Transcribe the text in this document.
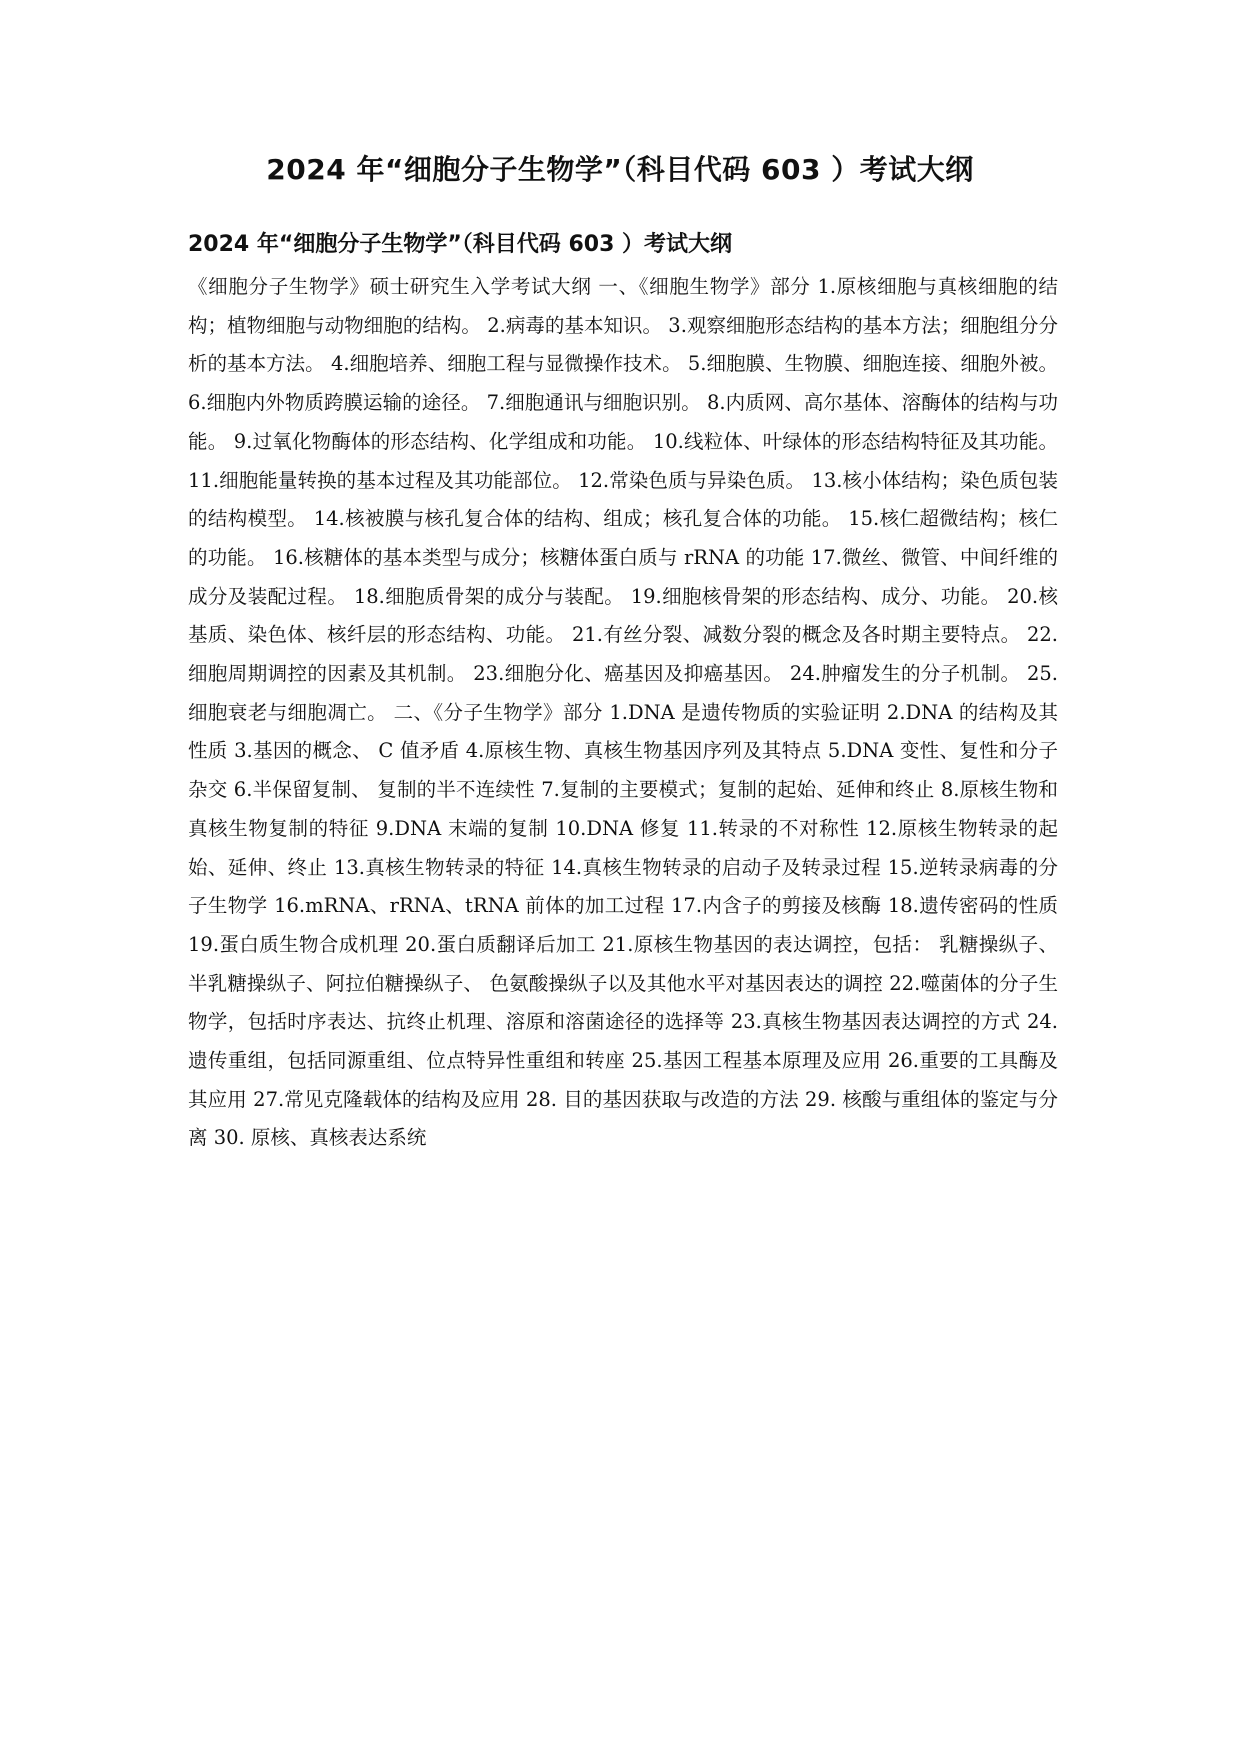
2024 年“细胞分子生物学”（科目代码 603 ）考试大纲
2024 年“细胞分子生物学”（科目代码 603 ）考试大纲

《细胞分子生物学》硕士研究生入学考试大纲 一、《细胞生物学》部分 1.原核细胞与真核细胞的结构；植物细胞与动物细胞的结构。 2.病毒的基本知识。 3.观察细胞形态结构的基本方法；细胞组分分析的基本方法。 4.细胞培养、细胞工程与显微操作技术。 5.细胞膜、生物膜、细胞连接、细胞外被。 6.细胞内外物质跨膜运输的途径。 7.细胞通讯与细胞识别。 8.内质网、高尔基体、溶酶体的结构与功能。 9.过氧化物酶体的形态结构、化学组成和功能。 10.线粒体、叶绿体的形态结构特征及其功能。 11.细胞能量转换的基本过程及其功能部位。 12.常染色质与异染色质。 13.核小体结构；染色质包装的结构模型。 14.核被膜与核孔复合体的结构、组成；核孔复合体的功能。 15.核仁超微结构；核仁的功能。 16.核糖体的基本类型与成分；核糖体蛋白质与 rRNA 的功能 17.微丝、微管、中间纤维的成分及装配过程。 18.细胞质骨架的成分与装配。 19.细胞核骨架的形态结构、成分、功能。 20.核基质、染色体、核纤层的形态结构、功能。 21.有丝分裂、减数分裂的概念及各时期主要特点。 22.细胞周期调控的因素及其机制。 23.细胞分化、癌基因及抑癌基因。 24.肿瘤发生的分子机制。 25.细胞衰老与细胞凋亡。 二、《分子生物学》部分 1.DNA 是遗传物质的实验证明 2.DNA 的结构及其性质 3.基因的概念、 C 值矛盾 4.原核生物、真核生物基因序列及其特点 5.DNA 变性、复性和分子杂交 6.半保留复制、 复制的半不连续性 7.复制的主要模式；复制的起始、延伸和终止 8.原核生物和真核生物复制的特征 9.DNA 末端的复制 10.DNA 修复 11.转录的不对称性 12.原核生物转录的起始、延伸、终止 13.真核生物转录的特征 14.真核生物转录的启动子及转录过程 15.逆转录病毒的分子生物学 16.mRNA、rRNA、tRNA 前体的加工过程 17.内含子的剪接及核酶 18.遗传密码的性质 19.蛋白质生物合成机理 20.蛋白质翻译后加工 21.原核生物基因的表达调控，包括： 乳糖操纵子、半乳糖操纵子、阿拉伯糖操纵子、 色氨酸操纵子以及其他水平对基因表达的调控 22.噬菌体的分子生物学，包括时序表达、抗终止机理、溶原和溶菌途径的选择等 23.真核生物基因表达调控的方式 24.遗传重组，包括同源重组、位点特异性重组和转座 25.基因工程基本原理及应用 26.重要的工具酶及其应用 27.常见克隆载体的结构及应用 28. 目的基因获取与改造的方法 29. 核酸与重组体的鉴定与分离 30. 原核、真核表达系统
